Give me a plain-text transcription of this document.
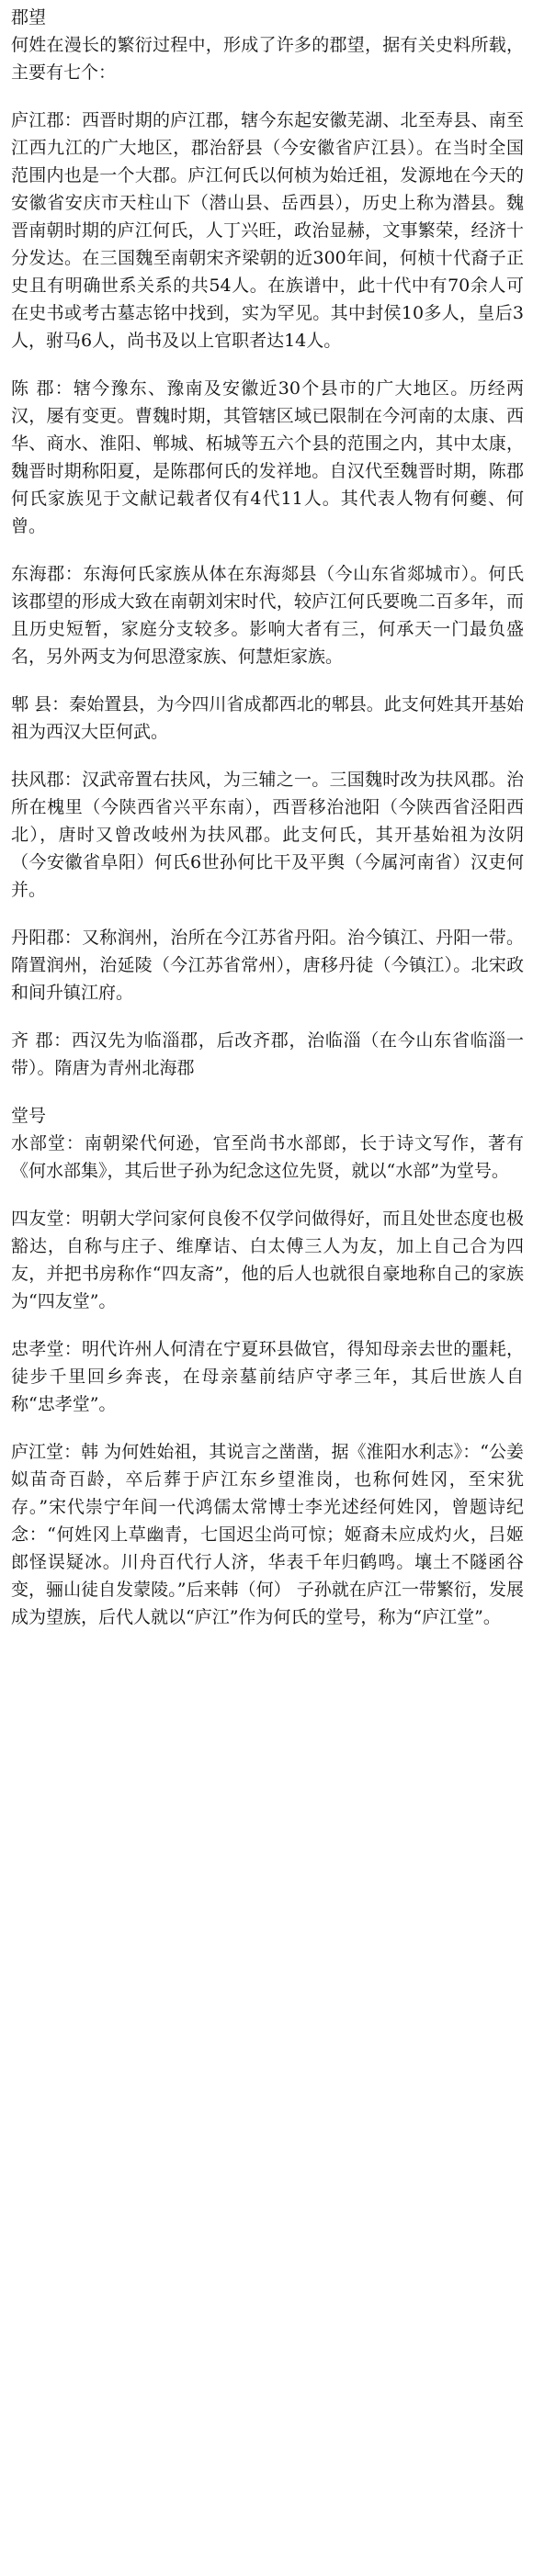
郡望

何姓在漫长的繁衍过程中，形成了许多的郡望，据有关史料所载，主要有七个：

庐江郡：西晋时期的庐江郡，辖今东起安徽芜湖、北至寿县、南至江西九江的广大地区，郡治舒县（今安徽省庐江县）。在当时全国范围内也是一个大郡。庐江何氏以何桢为始迁祖，发源地在今天的安徽省安庆市天柱山下（潜山县、岳西县），历史上称为潜县。魏晋南朝时期的庐江何氏，人丁兴旺，政治显赫，文事繁荣，经济十分发达。在三国魏至南朝宋齐梁朝的近300年间，何桢十代裔子正史且有明确世系关系的共54人。在族谱中，此十代中有70余人可在史书或考古墓志铭中找到，实为罕见。其中封侯10多人，皇后3人，驸马6人，尚书及以上官职者达14人。

陈 郡：辖今豫东、豫南及安徽近30个县市的广大地区。历经两汉，屡有变更。曹魏时期，其管辖区域已限制在今河南的太康、西华、商水、淮阳、郸城、柘城等五六个县的范围之内，其中太康，魏晋时期称阳夏，是陈郡何氏的发祥地。自汉代至魏晋时期，陈郡何氏家族见于文献记载者仅有4代11人。其代表人物有何夔、何曾。

东海郡：东海何氏家族从体在东海郯县（今山东省郯城市）。何氏该郡望的形成大致在南朝刘宋时代，较庐江何氏要晚二百多年，而且历史短暂，家庭分支较多。影响大者有三，何承天一门最负盛名，另外两支为何思澄家族、何慧炬家族。

郫 县：秦始置县，为今四川省成都西北的郫县。此支何姓其开基始祖为西汉大臣何武。

扶风郡：汉武帝置右扶风，为三辅之一。三国魏时改为扶风郡。治所在槐里（今陕西省兴平东南），西晋移治池阳（今陕西省泾阳西北），唐时又曾改岐州为扶风郡。此支何氏，其开基始祖为汝阴（今安徽省阜阳）何氏6世孙何比干及平舆（今属河南省）汉吏何并。

丹阳郡：又称润州，治所在今江苏省丹阳。治今镇江、丹阳一带。隋置润州，治延陵（今江苏省常州），唐移丹徒（今镇江）。北宋政和间升镇江府。

齐 郡：西汉先为临淄郡，后改齐郡，治临淄（在今山东省临淄一带）。隋唐为青州北海郡

堂号

水部堂：南朝梁代何逊，官至尚书水部郎，长于诗文写作，著有《何水部集》，其后世子孙为纪念这位先贤，就以“水部”为堂号。

四友堂：明朝大学问家何良俊不仅学问做得好，而且处世态度也极豁达，自称与庄子、维摩诘、白太傅三人为友，加上自己合为四友，并把书房称作“四友斋”，他的后人也就很自豪地称自己的家族为“四友堂”。

忠孝堂：明代许州人何清在宁夏环县做官，得知母亲去世的噩耗，徒步千里回乡奔丧，在母亲墓前结庐守孝三年，其后世族人自称“忠孝堂”。

庐江堂：韩 为何姓始祖，其说言之凿凿，据《淮阳水利志》：“公姜姒苗奇百龄，卒后葬于庐江东乡望淮岗，也称何姓冈，至宋犹存。”宋代崇宁年间一代鸿儒太常博士李光述经何姓冈，曾题诗纪念：“何姓冈上草幽青，七国迟尘尚可惊；姬裔未应成灼火，吕姬郎怪误疑冰。川舟百代行人济，华表千年归鹤鸣。壤土不隧函谷变，骊山徒自发蒙陵。”后来韩（何） 子孙就在庐江一带繁衍，发展成为望族，后代人就以“庐江”作为何氏的堂号，称为“庐江堂”。
